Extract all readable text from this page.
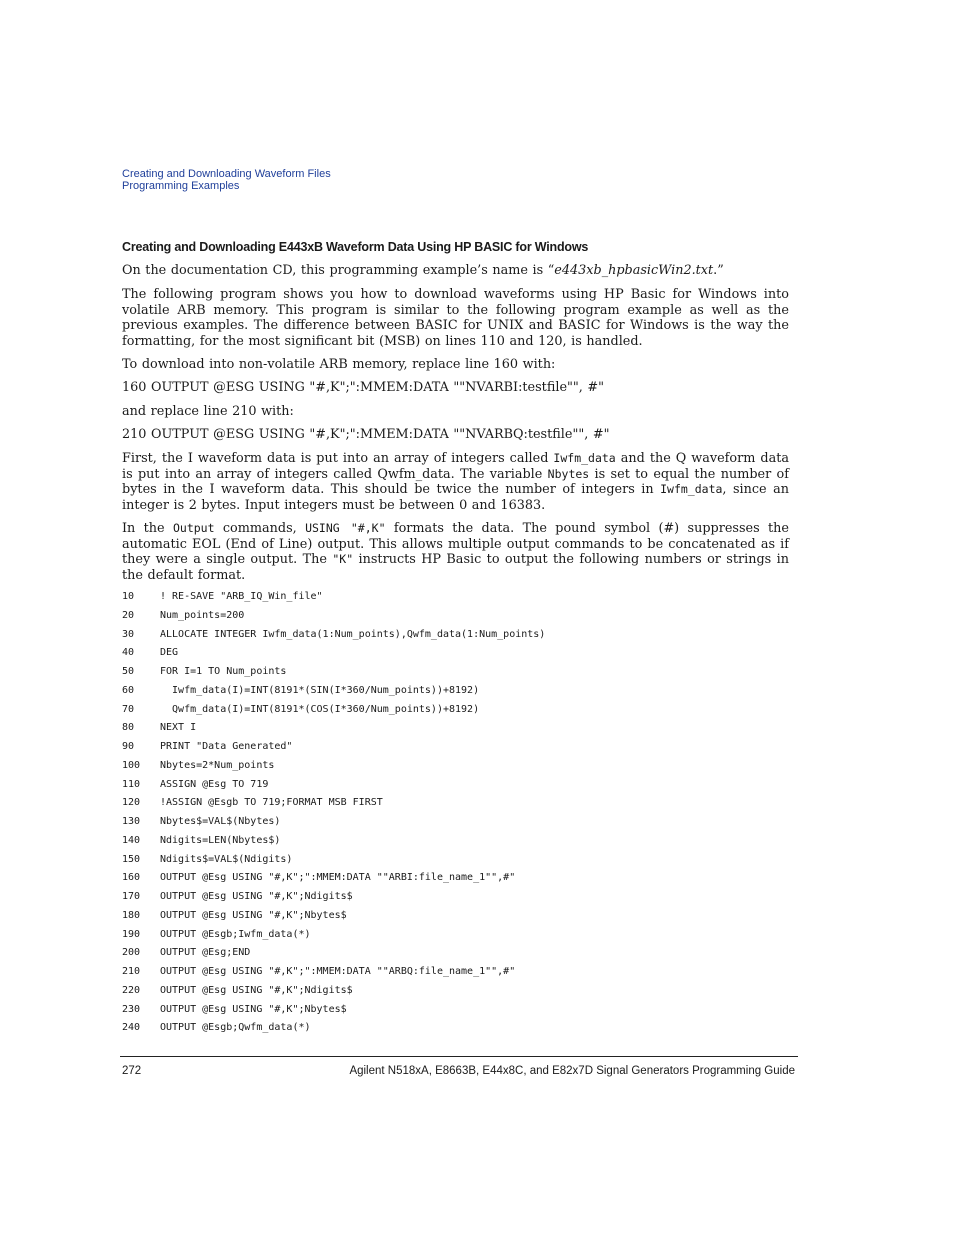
Creating and Downloading Waveform Files
Programming Examples
Creating and Downloading E443xB Waveform Data Using HP BASIC for Windows
On the documentation CD, this programming example’s name is “e443xb_hpbasicWin2.txt.”
The following program shows you how to download waveforms using HP Basic for Windows into volatile ARB memory. This program is similar to the following program example as well as the previous examples. The difference between BASIC for UNIX and BASIC for Windows is the way the formatting, for the most significant bit (MSB) on lines 110 and 120, is handled.
To download into non-volatile ARB memory, replace line 160 with:
160 OUTPUT @ESG USING "#,K";":MMEM:DATA ""NVARBI:testfile"", #"
and replace line 210 with:
210 OUTPUT @ESG USING "#,K";":MMEM:DATA ""NVARBQ:testfile"", #"
First, the I waveform data is put into an array of integers called Iwfm_data and the Q waveform data is put into an array of integers called Qwfm_data. The variable Nbytes is set to equal the number of bytes in the I waveform data. This should be twice the number of integers in Iwfm_data, since an integer is 2 bytes. Input integers must be between 0 and 16383.
In the Output commands, USING "#,K" formats the data. The pound symbol (#) suppresses the automatic EOL (End of Line) output. This allows multiple output commands to be concatenated as if they were a single output. The "K" instructs HP Basic to output the following numbers or strings in the default format.
10	! RE-SAVE "ARB_IQ_Win_file"
20	Num_points=200
30	ALLOCATE INTEGER Iwfm_data(1:Num_points),Qwfm_data(1:Num_points)
40	DEG
50	FOR I=1 TO Num_points
60	Iwfm_data(I)=INT(8191*(SIN(I*360/Num_points))+8192)
70	Qwfm_data(I)=INT(8191*(COS(I*360/Num_points))+8192)
80	NEXT I
90	PRINT "Data Generated"
100 Nbytes=2*Num_points
110 ASSIGN @Esg TO 719
120 !ASSIGN @Esgb TO 719;FORMAT MSB FIRST
130 Nbytes$=VAL$(Nbytes)
140 Ndigits=LEN(Nbytes$)
150 Ndigits$=VAL$(Ndigits)
160 OUTPUT @Esg USING "#,K";":MMEM:DATA ""ARBI:file_name_1"",#"
170 OUTPUT @Esg USING "#,K";Ndigits$
180 OUTPUT @Esg USING "#,K";Nbytes$
190 OUTPUT @Esgb;Iwfm_data(*)
200 OUTPUT @Esg;END
210 OUTPUT @Esg USING "#,K";":MMEM:DATA ""ARBQ:file_name_1"",#"
220 OUTPUT @Esg USING "#,K";Ndigits$
230 OUTPUT @Esg USING "#,K";Nbytes$
240 OUTPUT @Esgb;Qwfm_data(*)
272	Agilent N518xA, E8663B, E44x8C, and E82x7D Signal Generators Programming Guide
